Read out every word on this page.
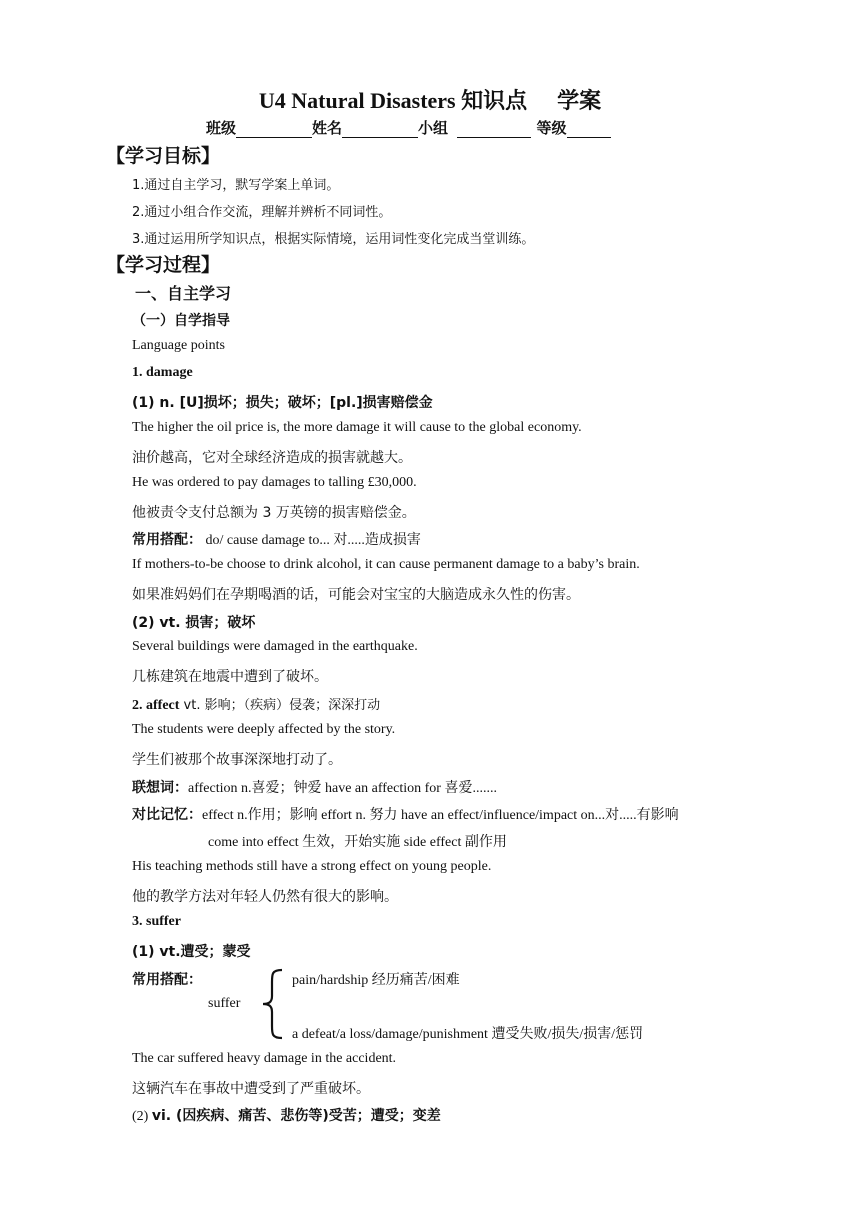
U4 Natural Disasters 知识点 学案
班级	姓名	小组	等级
【学习目标】
1.通过自主学习，默写学案上单词。
2.通过小组合作交流，理解并辨析不同词性。
3.通过运用所学知识点，根据实际情境，运用词性变化完成当堂训练。
【学习过程】
一、自主学习
（一）自学指导
Language points
1. damage
(1) n. [U]损坏；损失；破坏；[pl.]损害赔偿金
The higher the oil price is, the more damage it will cause to the global economy.
油价越高，它对全球经济造成的损害就越大。
He was ordered to pay damages to talling £30,000.
他被责令支付总额为 3 万英镑的损害赔偿金。
常用搭配： do/ cause damage to... 对.....造成损害
If mothers-to-be choose to drink alcohol, it can cause permanent damage to a baby’s brain.
如果准妈妈们在孕期喝酒的话，可能会对宝宝的大脑造成永久性的伤害。
(2) vt. 损害；破坏
Several buildings were damaged in the earthquake.
几栋建筑在地震中遭到了破坏。
2. affect vt. 影响；（疾病）侵袭；深深打动
The students were deeply affected by the story.
学生们被那个故事深深地打动了。
联想词：affection n.喜爱；钟爱 have an affection for 喜爱.......
对比记忆：effect n.作用；影响 effort n. 努力 have an effect/influence/impact on...对.....有影响
come into effect 生效，开始实施 side effect 副作用
His teaching methods still have a strong effect on young people.
他的教学方法对年轻人仍然有很大的影响。
3. suffer
(1) vt.遭受；蒙受
常用搭配：	pain/hardship 经历痛苦/困难
suffer
a defeat/a loss/damage/punishment 遭受失败/损失/损害/惩罚
The car suffered heavy damage in the accident.
这辆汽车在事故中遭受到了严重破坏。
(2) vi. (因疾病、痛苦、悲伤等)受苦；遭受；变差
